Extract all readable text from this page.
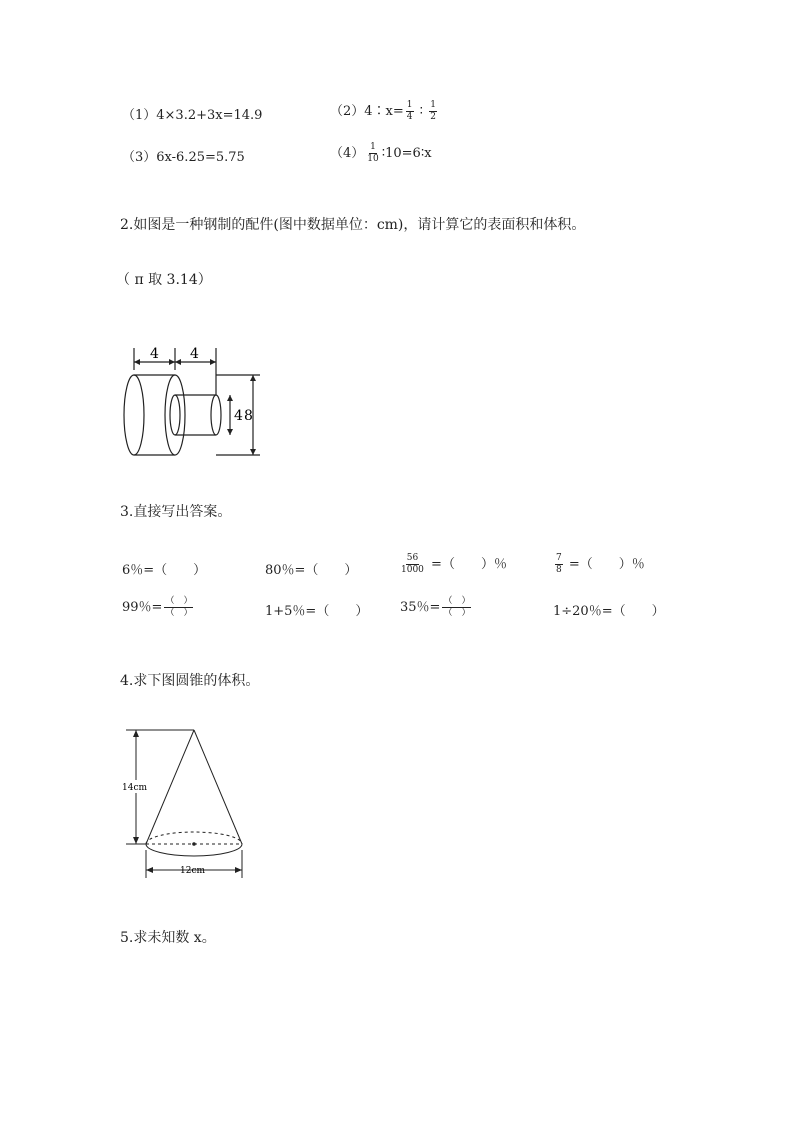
（1）4×3.2+3x=14.9	（2）4∶x= $\frac{1}{4}$ ∶ $\frac{1}{2}$
（3）6x-6.25=5.75	$(4) \frac{1}{10}$ ∶10=6∶x
2.如图是一种钢制的配件(图中数据单位：cm)，请计算它的表面积和体积。
（ π 取 3.14）
4 4
4 8
3.直接写出答案。
6％=（　　）	80％=（　　）	$\frac{56}{1000}$ =（　　）％	$\frac{7}{8}$ =（　　）％
99％= $\frac{( )}{( )}$	1+5％=（　　） 35％= $\frac{( )}{( )}$	1÷20％=（　　）
4.求下图圆锥的体积。
14cm
12cm
5.求未知数 x。
